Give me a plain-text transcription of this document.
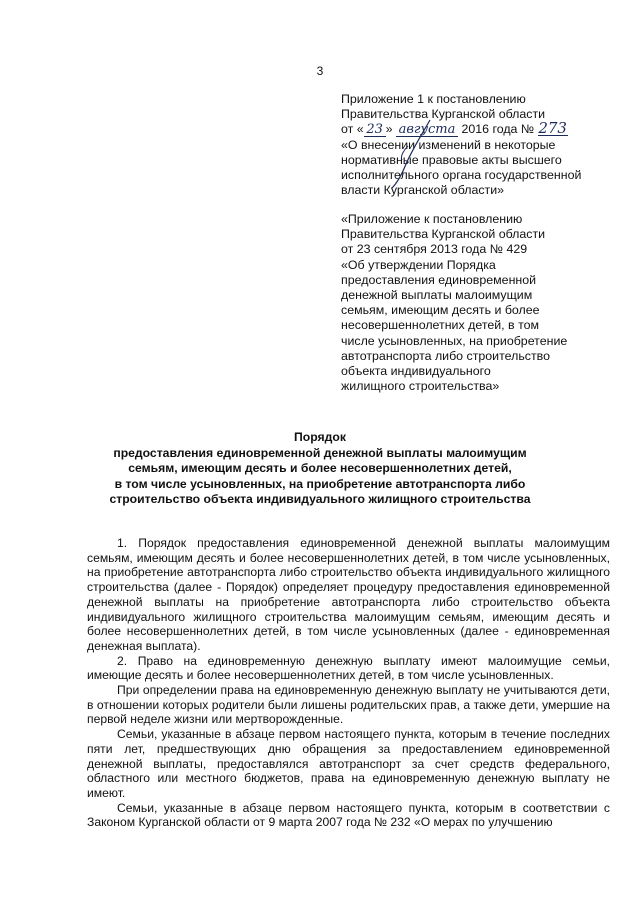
3

Приложение 1 к постановлению

Правительства Курганской области

от « 23 » августа 2016 года № 273

«О внесении изменений в некоторые

нормативные правовые акты высшего

исполнительного органа государственной

власти Курганской области»

«Приложение к постановлению

Правительства Курганской области

от 23 сентября 2013 года № 429

«Об утверждении Порядка

предоставления единовременной

денежной выплаты малоимущим

семьям, имеющим десять и более

несовершеннолетних детей, в том

числе усыновленных, на приобретение

автотранспорта либо строительство

объекта индивидуального

жилищного строительства»

Порядок

предоставления единовременной денежной выплаты малоимущим

семьям, имеющим десять и более несовершеннолетних детей,

в том числе усыновленных, на приобретение автотранспорта либо

строительство объекта индивидуального жилищного строительства

1. Порядок предоставления единовременной денежной выплаты малоимущим семьям, имеющим десять и более несовершеннолетних детей, в том числе усыновленных, на приобретение автотранспорта либо строительство объекта индивидуального жилищного строительства (далее - Порядок) определяет процедуру предоставления единовременной денежной выплаты на приобретение автотранспорта либо строительство объекта индивидуального жилищного строительства малоимущим семьям, имеющим десять и более несовершеннолетних детей, в том числе усыновленных (далее - единовременная денежная выплата).

2. Право на единовременную денежную выплату имеют малоимущие семьи, имеющие десять и более несовершеннолетних детей, в том числе усыновленных.

При определении права на единовременную денежную выплату не учитываются дети, в отношении которых родители были лишены родительских прав, а также дети, умершие на первой неделе жизни или мертворожденные.

Семьи, указанные в абзаце первом настоящего пункта, которым в течение последних пяти лет, предшествующих дню обращения за предоставлением единовременной денежной выплаты, предоставлялся автотранспорт за счет средств федерального, областного или местного бюджетов, права на единовременную денежную выплату не имеют.

Семьи, указанные в абзаце первом настоящего пункта, которым в соответствии с Законом Курганской области от 9 марта 2007 года № 232 «О мерах по улучшению
